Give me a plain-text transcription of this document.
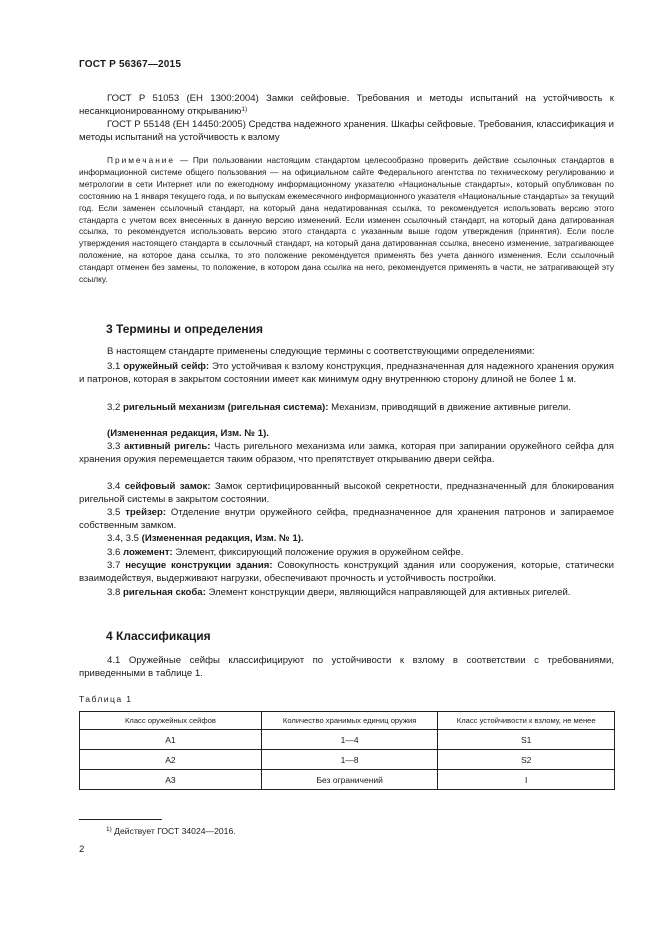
ГОСТ Р 56367—2015

ГОСТ Р 51053 (ЕН 1300:2004) Замки сейфовые. Требования и методы испытаний на устойчивость к несанкционированному открыванию$^{1)}$

ГОСТ Р 55148 (ЕН 14450:2005) Средства надежного хранения. Шкафы сейфовые. Требования, классификация и методы испытаний на устойчивость к взлому

Примечание — При пользовании настоящим стандартом целесообразно проверить действие ссылочных стандартов в информационной системе общего пользования — на официальном сайте Федерального агентства по техническому регулированию и метрологии в сети Интернет или по ежегодному информационному указателю «Национальные стандарты», который опубликован по состоянию на 1 января текущего года, и по выпускам ежемесячного информационного указателя «Национальные стандарты» за текущий год. Если заменен ссылочный стандарт, на который дана недатированная ссылка, то рекомендуется использовать версию этого стандарта с учетом всех внесенных в данную версию изменений. Если изменен ссылочный стандарт, на который дана датированная ссылка, то рекомендуется использовать версию этого стандарта с указанным выше годом утверждения (принятия). Если после утверждения настоящего стандарта в ссылочный стандарт, на который дана датированная ссылка, внесено изменение, затрагивающее положение, на которое дана ссылка, то это положение рекомендуется применять без учета данного изменения. Если ссылочный стандарт отменен без замены, то положение, в котором дана ссылка на него, рекомендуется применять в части, не затрагивающей эту ссылку.

3 Термины и определения

В настоящем стандарте применены следующие термины с соответствующими определениями:

3.1 оружейный сейф: Это устойчивая к взлому конструкция, предназначенная для надежного хранения оружия и патронов, которая в закрытом состоянии имеет как минимум одну внутреннюю сторону длиной не более 1 м.

3.2 ригельный механизм (ригельная система): Механизм, приводящий в движение активные ригели.

(Измененная редакция, Изм. № 1).

3.3 активный ригель: Часть ригельного механизма или замка, которая при запирании оружейного сейфа для хранения оружия перемещается таким образом, что препятствует открыванию двери сейфа.

3.4 сейфовый замок: Замок сертифицированный высокой секретности, предназначенный для блокирования ригельной системы в закрытом состоянии.

3.5 трейзер: Отделение внутри оружейного сейфа, предназначенное для хранения патронов и запираемое собственным замком.

3.4, 3.5 (Измененная редакция, Изм. № 1).

3.6 ложемент: Элемент, фиксирующий положение оружия в оружейном сейфе.

3.7 несущие конструкции здания: Совокупность конструкций здания или сооружения, которые, статически взаимодействуя, выдерживают нагрузки, обеспечивают прочность и устойчивость постройки.

3.8 ригельная скоба: Элемент конструкции двери, являющийся направляющей для активных ригелей.

4 Классификация

4.1 Оружейные сейфы классифицируют по устойчивости к взлому в соответствии с требованиями, приведенными в таблице 1.

Таблица 1
Класс оружейных сейфов	Количество хранимых единиц оружия	Класс устойчивости к взлому, не менее
А1	1—4	S1
А2	1—8	S2
А3	Без ограничений	I
$^{1)}$ Действует ГОСТ 34024—2016.
2
